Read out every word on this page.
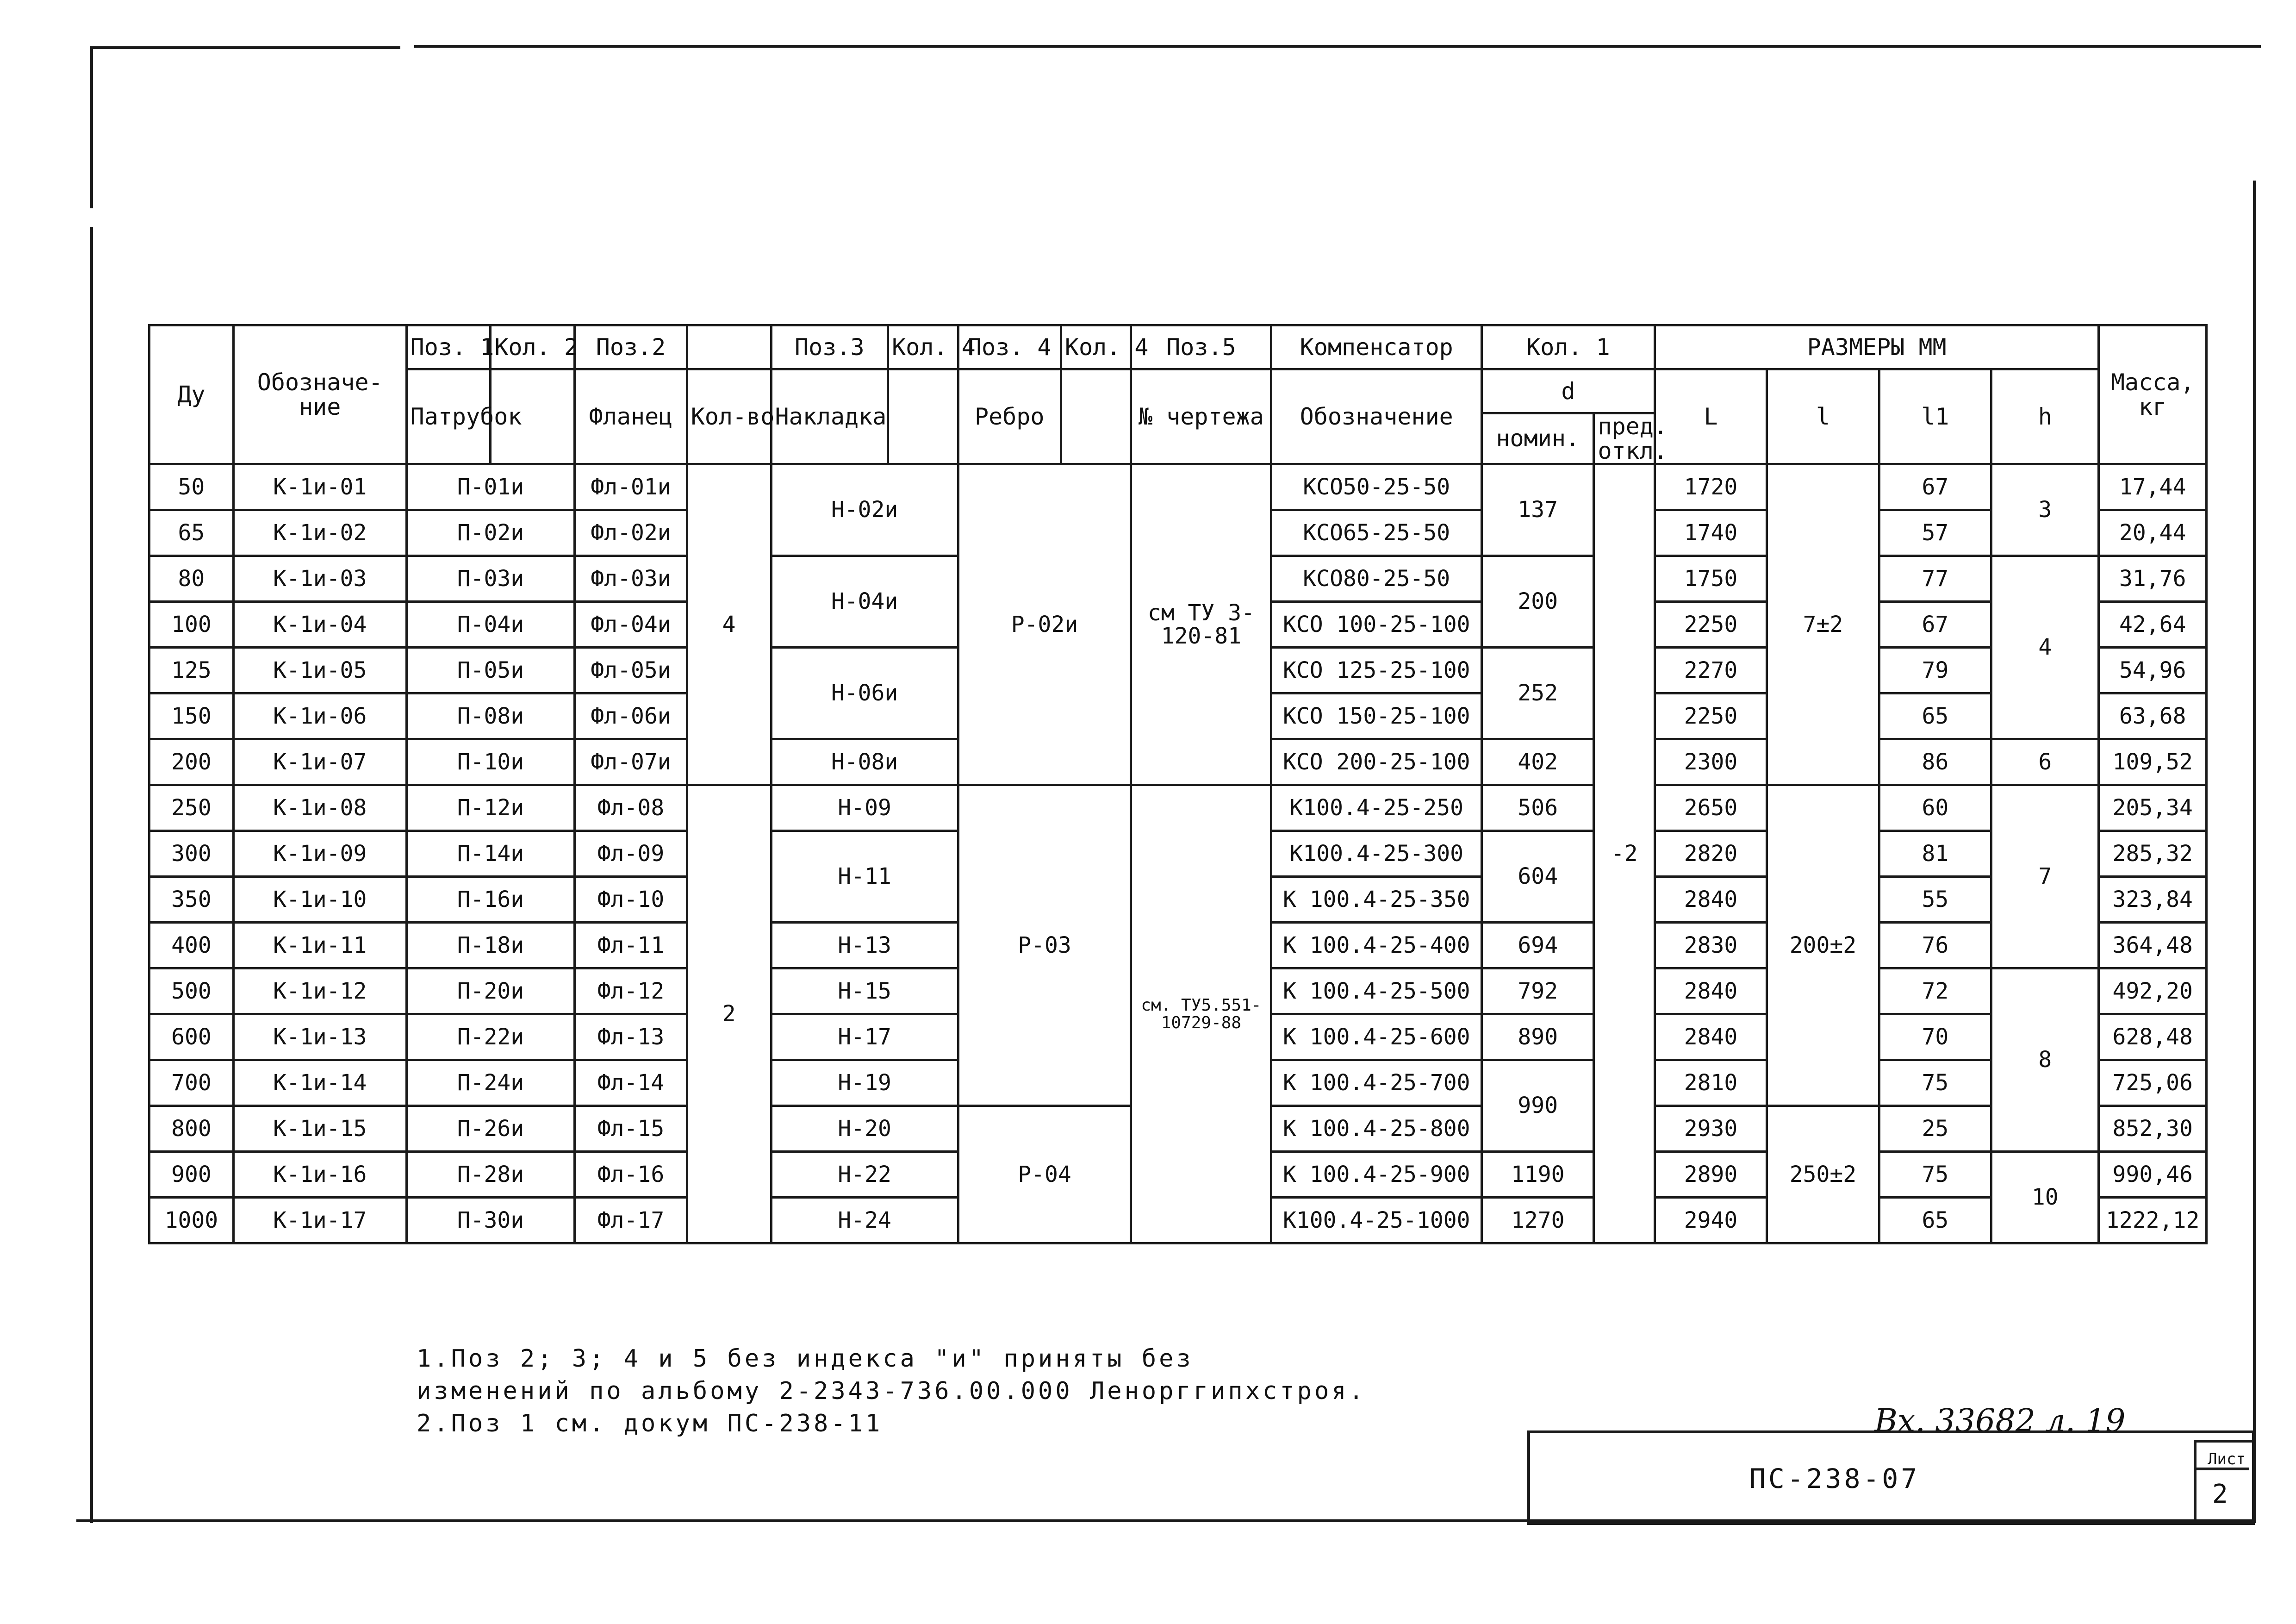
Ду	Обозначе-ние	Поз. 1	Кол. 2	Поз.2		Поз.3	Кол. 4	Поз. 4	Кол. 4	Поз.5	Компенсатор	Кол. 1		РАЗМЕРЫ ММ				Масса, кг
		Патрубок		Фланец	Кол-во	Накладка		Ребро		№ чертежа	Обозначение	d		L	l	l1	h	
												номин.	пред. откл.					
50	К-1и-01	П-01и		Фл-01и	4	Н-02и		Р-02и		см ТУ 3-120-81	КСО50-25-50	137	-2	1720	7±2	67	3	17,44
65	К-1и-02	П-02и		Фл-02и							КСО65-25-50			1740		57		20,44
80	К-1и-03	П-03и		Фл-03и		Н-04и					КСО80-25-50	200		1750		77	4	31,76
100	К-1и-04	П-04и		Фл-04и							КСО 100-25-100			2250		67		42,64
125	К-1и-05	П-05и		Фл-05и		Н-06и					КСО 125-25-100	252		2270		79		54,96
150	К-1и-06	П-08и		Фл-06и							КСО 150-25-100			2250		65		63,68
200	К-1и-07	П-10и		Фл-07и		Н-08и					КСО 200-25-100	402		2300		86	6	109,52
250	К-1и-08	П-12и		Фл-08	2	Н-09		Р-03		см. ТУ5.551-10729-88	К100.4-25-250	506		2650	200±2	60	7	205,34
300	К-1и-09	П-14и		Фл-09		Н-11					К100.4-25-300	604		2820		81		285,32
350	К-1и-10	П-16и		Фл-10							К 100.4-25-350			2840		55		323,84
400	К-1и-11	П-18и		Фл-11		Н-13					К 100.4-25-400	694		2830		76		364,48
500	К-1и-12	П-20и		Фл-12		Н-15					К 100.4-25-500	792		2840		72	8	492,20
600	К-1и-13	П-22и		Фл-13		Н-17					К 100.4-25-600	890		2840		70		628,48
700	К-1и-14	П-24и		Фл-14		Н-19					К 100.4-25-700	990		2810		75		725,06
800	К-1и-15	П-26и		Фл-15		Н-20		Р-04			К 100.4-25-800			2930	250±2	25		852,30
900	К-1и-16	П-28и		Фл-16		Н-22					К 100.4-25-900	1190		2890		75	10	990,46
1000	К-1и-17	П-30и		Фл-17		Н-24					К100.4-25-1000	1270		2940		65		1222,12
1.Поз 2; 3; 4 и 5 без индекса "и" приняты без
изменений по альбому 2-2343-736.00.000 Ленорггипхстроя.
2.Поз 1 см. докум ПС-238-11	Вх. 33682 л. 19
ПС-238-07
Лист
2
